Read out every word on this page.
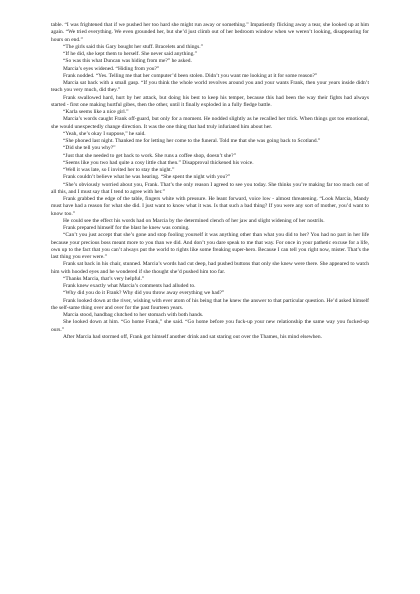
table. “I was frightened that if we pushed her too hard she might run away or something.” Impatiently flicking away a tear, she looked up at him again. “We tried everything. We even grounded her, but she’d just climb out of her bedroom window when we weren’t looking, disappearing for hours on end.”

“The girls said this Gary bought her stuff. Bracelets and things.”

“If he did, she kept them to herself. She never said anything.”

“So was this what Duncan was hiding from me?” he asked.

Marcia’s eyes widened. “Hiding from you?”

Frank nodded. “Yes. Telling me that her computer’d been stolen. Didn’t you want me looking at it for some reason?”

Marcia sat back with a small gasp. “If you think the whole world revolves around you and your wants Frank, then your years inside didn’t teach you very much, did they.”

Frank swallowed hard, hurt by her attack, but doing his best to keep his temper, because this had been the way their fights had always started - first one making hurtful gibes, then the other, until it finally exploded in a fully fledge battle.

“Karla seems like a nice girl.”

Marcia’s words caught Frank off-guard, but only for a moment. He nodded slightly as he recalled her trick. When things got too emotional, she would unexpectedly change direction. It was the one thing that had truly infuriated him about her.

“Yeah, she’s okay I suppose,” he said.

“She phoned last night. Thanked me for letting her come to the funeral. Told me that she was going back to Scotland.”

“Did she tell you why?”

“Just that she needed to get back to work. She runs a coffee shop, doesn’t she?”

“Seems like you two had quite a cosy little chat then.” Disapproval thickened his voice.

“Well it was late, so I invited her to stay the night.”

Frank couldn’t believe what he was hearing. “She spent the night with you?”

“She’s obviously worried about you, Frank. That’s the only reason I agreed to see you today. She thinks you’re making far too much out of all this, and I must say that I tend to agree with her.”

Frank grabbed the edge of the table, fingers white with pressure. He leant forward, voice low - almost threatening. “Look Marcia, Mandy must have had a reason for what she did. I just want to know what it was. Is that such a bad thing? If you were any sort of mother, you’d want to know too.”

He could see the effect his words had on Marcia by the determined clench of her jaw and slight widening of her nostrils.

Frank prepared himself for the blast he knew was coming.

“Can’t you just accept that she’s gone and stop fooling yourself it was anything other than what you did to her? You had no part in her life because your precious boss meant more to you than we did. And don’t you dare speak to me that way. For once in your pathetic excuse for a life, own up to the fact that you can’t always put the world to rights like some freaking super-hero. Because I can tell you right now, mister. That’s the last thing you ever were.”

Frank sat back in his chair, stunned. Marcia’s words had cut deep, had pushed buttons that only she knew were there. She appeared to watch him with hooded eyes and he wondered if she thought she’d pushed him too far.

“Thanks Marcia, that’s very helpful.”

Frank knew exactly what Marcia’s comments had alluded to.

“Why did you do it Frank? Why did you throw away everything we had?”

Frank looked down at the river, wishing with ever atom of his being that he knew the answer to that particular question. He’d asked himself the self-same thing over and over for the past fourteen years.

Marcia stood, handbag clutched to her stomach with both hands.

She looked down at him. “Go home Frank,” she said. “Go home before you fuck-up your new relationship the same way you fucked-up ours.”

After Marcia had stormed off, Frank got himself another drink and sat staring out over the Thames, his mind elsewhen.
